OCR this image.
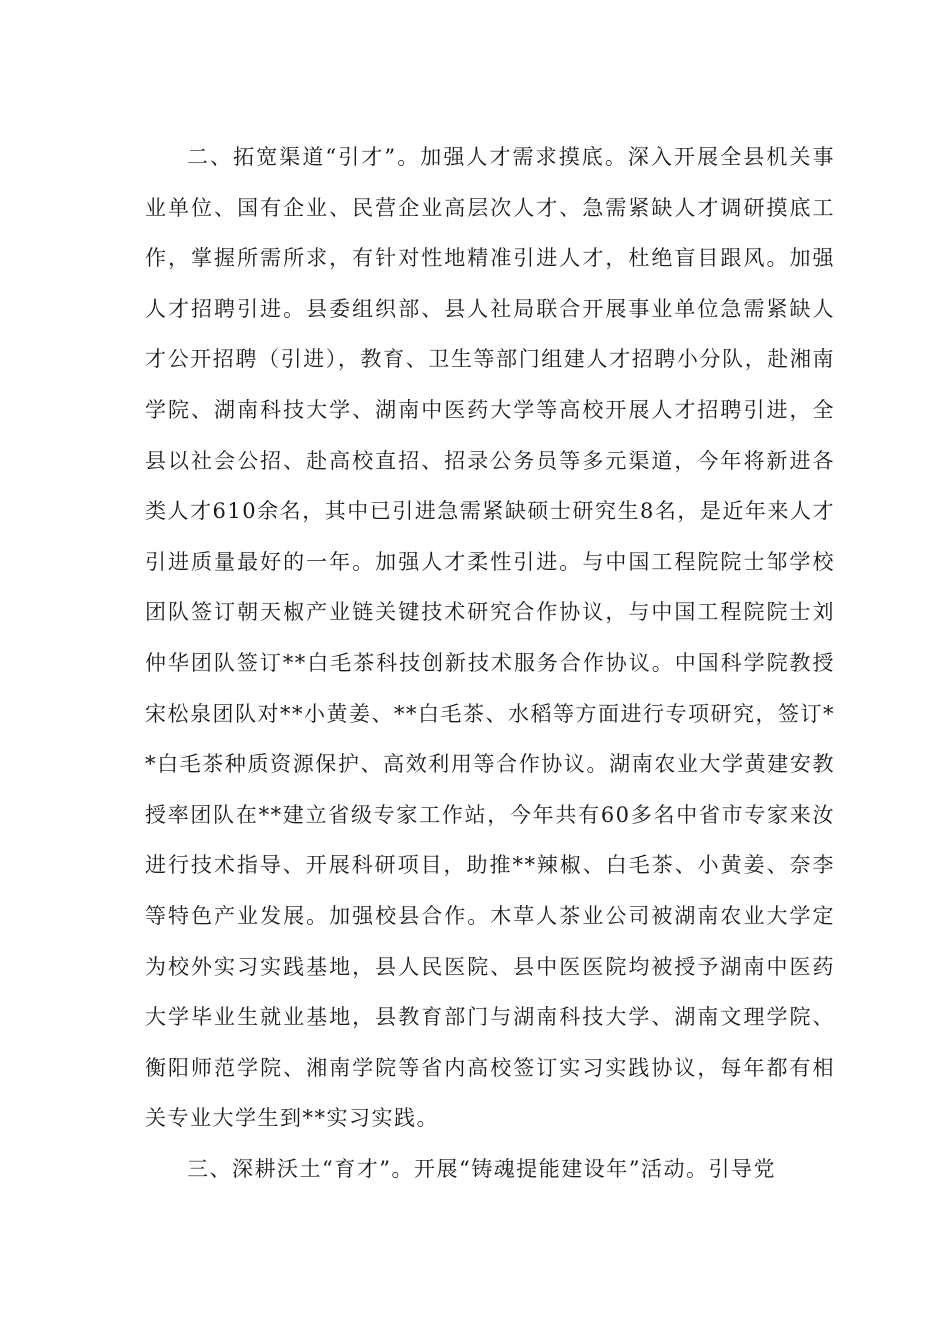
二、拓宽渠道“引才”。加强人才需求摸底。深入开展全县机关事业单位、国有企业、民营企业高层次人才、急需紧缺人才调研摸底工作，掌握所需所求，有针对性地精准引进人才，杜绝盲目跟风。加强人才招聘引进。县委组织部、县人社局联合开展事业单位急需紧缺人才公开招聘（引进），教育、卫生等部门组建人才招聘小分队，赴湘南学院、湖南科技大学、湖南中医药大学等高校开展人才招聘引进，全县以社会公招、赴高校直招、招录公务员等多元渠道，今年将新进各类人才610余名，其中已引进急需紧缺硕士研究生8名，是近年来人才引进质量最好的一年。加强人才柔性引进。与中国工程院院士邹学校团队签订朝天椒产业链关键技术研究合作协议，与中国工程院院士刘仲华团队签订**白毛茶科技创新技术服务合作协议。中国科学院教授宋松泉团队对**小黄姜、**白毛茶、水稻等方面进行专项研究，签订**白毛茶种质资源保护、高效利用等合作协议。湖南农业大学黄建安教授率团队在**建立省级专家工作站，今年共有60多名中省市专家来汝进行技术指导、开展科研项目，助推**辣椒、白毛茶、小黄姜、奈李等特色产业发展。加强校县合作。木草人茶业公司被湖南农业大学定为校外实习实践基地，县人民医院、县中医医院均被授予湖南中医药大学毕业生就业基地，县教育部门与湖南科技大学、湖南文理学院、衡阳师范学院、湘南学院等省内高校签订实习实践协议，每年都有相关专业大学生到**实习实践。

三、深耕沃土“育才”。开展“铸魂提能建设年”活动。引导党
